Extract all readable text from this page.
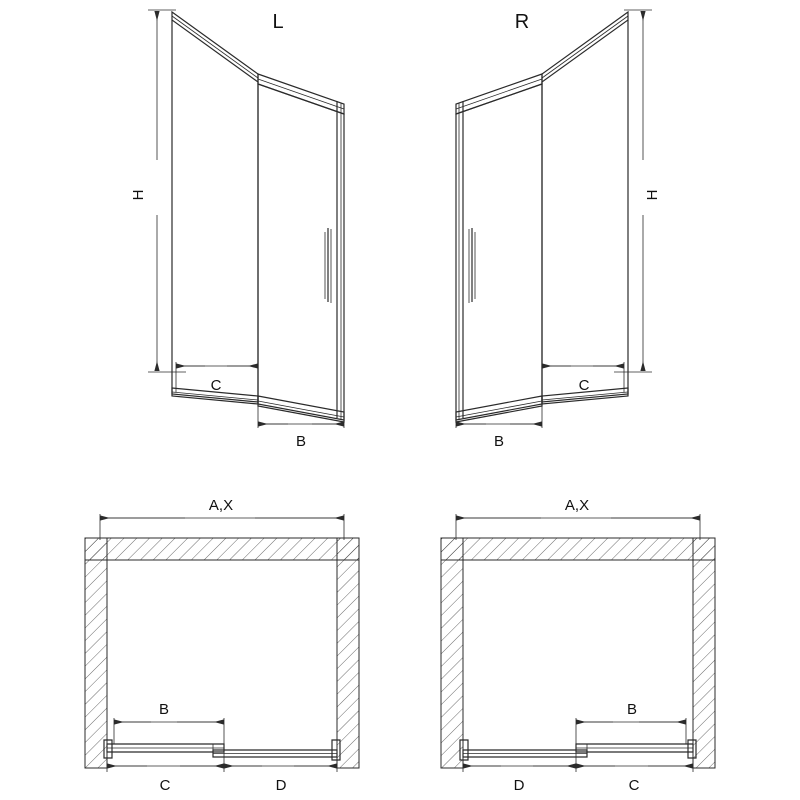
H
L
C
B
H
R
C
B
A,X
B
C	D
A,X
B
D	C
